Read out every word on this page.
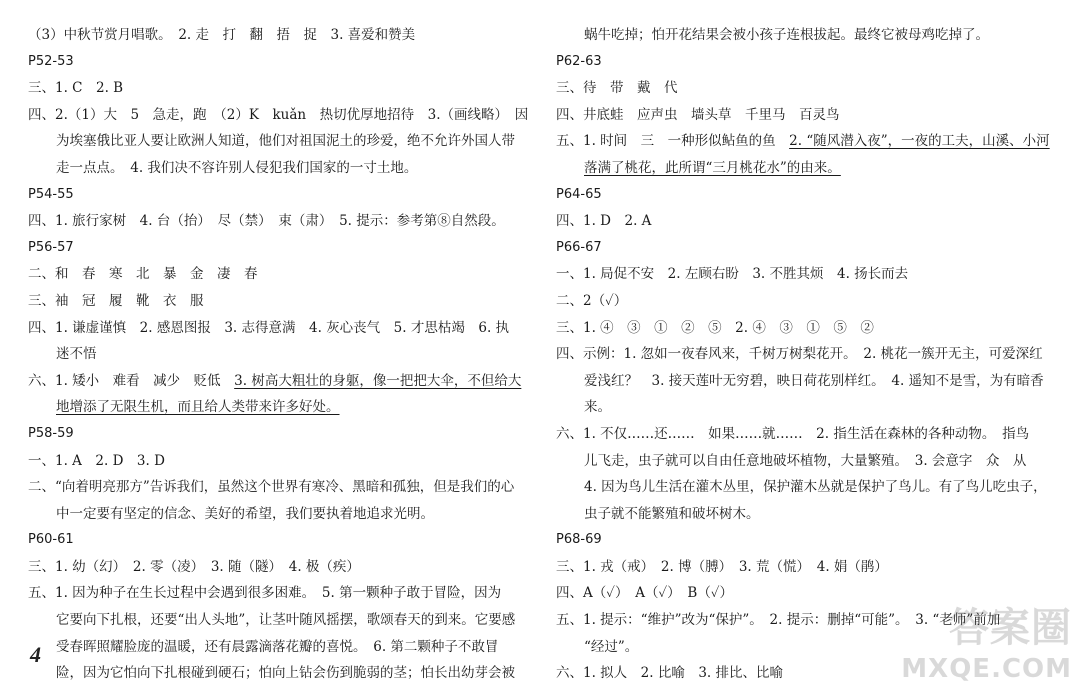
（3）中秋节赏月唱歌。　2. 走　打　翻　捂　捉　3. 喜爱和赞美
P52-53
三、1. C　2. B
四、2.（1）大　5　急走，跑　（2）K　kuǎn　热切优厚地招待　3.（画线略）　因
为埃塞俄比亚人要让欧洲人知道，他们对祖国泥土的珍爱，绝不允许外国人带
走一点点。　4. 我们决不容许别人侵犯我们国家的一寸土地。
P54-55
四、1. 旅行家树　4. 台（抬）　尽（禁）　束（肃）　5. 提示：参考第⑧自然段。
P56-57
二、和　春　寒　北　暴　金　凄　春
三、袖　冠　履　靴　衣　服
四、1. 谦虚谨慎　2. 感恩图报　3. 志得意满　4. 灰心丧气　5. 才思枯竭　6. 执
迷不悟
六、1. 矮小　难看　减少　贬低　3. 树高大粗壮的身躯，像一把把大伞，不但给大
地增添了无限生机，而且给人类带来许多好处。
P58-59
一、1. A　2. D　3. D
二、“向着明亮那方”告诉我们，虽然这个世界有寒冷、黑暗和孤独，但是我们的心
中一定要有坚定的信念、美好的希望，我们要执着地追求光明。
P60-61
三、1. 幼（幻）　2. 零（凌）　3. 随（隧）　4. 极（疾）
五、1. 因为种子在生长过程中会遇到很多困难。　5. 第一颗种子敢于冒险，因为
它要向下扎根，还要“出人头地”，让茎叶随风摇摆，歌颂春天的到来。它要感
受春晖照耀脸庞的温暖，还有晨露滴落花瓣的喜悦。　6. 第二颗种子不敢冒
险，因为它怕向下扎根碰到硬石；怕向上钻会伤到脆弱的茎；怕长出幼芽会被
蜗牛吃掉；怕开花结果会被小孩子连根拔起。最终它被母鸡吃掉了。
P62-63
三、待　带　戴　代
四、井底蛙　应声虫　墙头草　千里马　百灵鸟
五、1. 时间　三　一种形似鲇鱼的鱼　2. “随风潜入夜”，一夜的工夫，山溪、小河
落满了桃花，此所谓“三月桃花水”的由来。
P64-65
四、1. D　2. A
P66-67
一、1. 局促不安　2. 左顾右盼　3. 不胜其烦　4. 扬长而去
二、2（✓）
三、1. ④　③　①　②　⑤　2. ④　③　①　⑤　②
四、示例：1. 忽如一夜春风来，千树万树梨花开。　2. 桃花一簇开无主，可爱深红
爱浅红？　3. 接天莲叶无穷碧，映日荷花别样红。　4. 遥知不是雪，为有暗香
来。
六、1. 不仅……还……　如果……就……　2. 指生活在森林的各种动物。　指鸟
儿飞走，虫子就可以自由任意地破坏植物，大量繁殖。　3. 会意字　众　从
4. 因为鸟儿生活在灌木丛里，保护灌木丛就是保护了鸟儿。有了鸟儿吃虫子，
虫子就不能繁殖和破坏树木。
P68-69
三、1. 戎（戒）　2. 博（膊）　3. 荒（慌）　4. 娟（鹃）
四、A（✓）　A（✓）　B（✓）
五、1. 提示：“维护”改为“保护”。　2. 提示：删掉“可能”。　3. “老师”前加
“经过”。
六、1. 拟人　2. 比喻　3. 排比、比喻
4
答案圈
MXQE.COM
